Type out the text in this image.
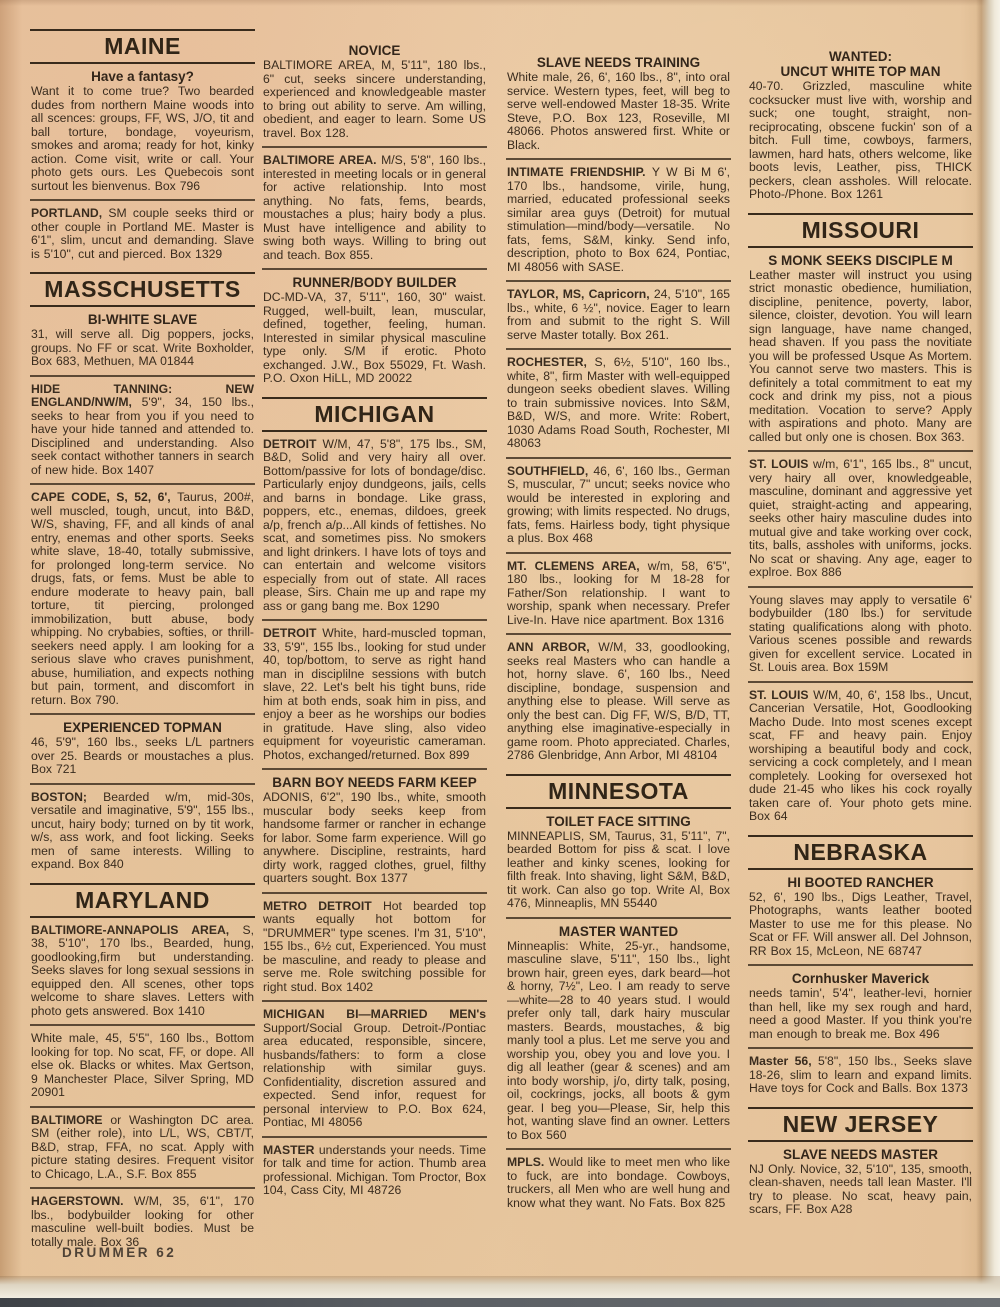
MAINE
Have a fantasy?

Want it to come true? Two bearded dudes from northern Maine woods into all scences: groups, FF, WS, J/O, tit and ball torture, bondage, voyeurism, smokes and aroma; ready for hot, kinky action. Come visit, write or call. Your photo gets ours. Les Quebecois sont surtout les bienvenus. Box 796

PORTLAND, SM couple seeks third or other couple in Portland ME. Master is 6'1", slim, uncut and demanding. Slave is 5'10", cut and pierced. Box 1329

MASSCHUSETTS
BI-WHITE SLAVE

31, will serve all. Dig poppers, jocks, groups. No FF or scat. Write Boxholder, Box 683, Methuen, MA 01844

HIDE TANNING: NEW ENGLAND/NW/M, 5'9", 34, 150 lbs., seeks to hear from you if you need to have your hide tanned and attended to. Disciplined and understanding. Also seek contact withother tanners in search of new hide. Box 1407

CAPE CODE, S, 52, 6', Taurus, 200#, well muscled, tough, uncut, into B&D, W/S, shaving, FF, and all kinds of anal entry, enemas and other sports. Seeks white slave, 18-40, totally submissive, for prolonged long-term service. No drugs, fats, or fems. Must be able to endure moderate to heavy pain, ball torture, tit piercing, prolonged immobilization, butt abuse, body whipping. No crybabies, softies, or thrill-seekers need apply. I am looking for a serious slave who craves punishment, abuse, humiliation, and expects nothing but pain, torment, and discomfort in return. Box 790.

EXPERIENCED TOPMAN

46, 5'9", 160 lbs., seeks L/L partners over 25. Beards or moustaches a plus. Box 721

BOSTON; Bearded w/m, mid-30s, versatile and imaginative, 5'9", 155 lbs., uncut, hairy body; turned on by tit work, w/s, ass work, and foot licking. Seeks men of same interests. Willing to expand. Box 840

MARYLAND

BALTIMORE-ANNAPOLIS AREA, S, 38, 5'10", 170 lbs., Bearded, hung, goodlooking,firm but understanding. Seeks slaves for long sexual sessions in equipped den. All scenes, other tops welcome to share slaves. Letters with photo gets answered. Box 1410

White male, 45, 5'5", 160 lbs., Bottom looking for top. No scat, FF, or dope. All else ok. Blacks or whites. Max Gertson, 9 Manchester Place, Silver Spring, MD 20901

BALTIMORE or Washington DC area. SM (either role), into L/L, WS, CBT/T, B&D, strap, FFA, no scat. Apply with picture stating desires. Frequent visitor to Chicago, L.A., S.F. Box 855

HAGERSTOWN. W/M, 35, 6'1", 170 lbs., bodybuilder looking for other masculine well-built bodies. Must be totally male. Box 36

NOVICE

BALTIMORE AREA, M, 5'11", 180 lbs., 6" cut, seeks sincere understanding, experienced and knowledgeable master to bring out ability to serve. Am willing, obedient, and eager to learn. Some US travel. Box 128.

BALTIMORE AREA. M/S, 5'8", 160 lbs., interested in meeting locals or in general for active relationship. Into most anything. No fats, fems, beards, moustaches a plus; hairy body a plus. Must have intelligence and ability to swing both ways. Willing to bring out and teach. Box 855.

RUNNER/BODY BUILDER

DC-MD-VA, 37, 5'11", 160, 30" waist. Rugged, well-built, lean, muscular, defined, together, feeling, human. Interested in similar physical masculine type only. S/M if erotic. Photo exchanged. J.W., Box 55029, Ft. Wash. P.O. Oxon HiLL, MD 20022

MICHIGAN

DETROIT W/M, 47, 5'8", 175 lbs., SM, B&D, Solid and very hairy all over. Bottom/passive for lots of bondage/disc. Particularly enjoy dundgeons, jails, cells and barns in bondage. Like grass, poppers, etc., enemas, dildoes, greek a/p, french a/p...All kinds of fettishes. No scat, and sometimes piss. No smokers and light drinkers. I have lots of toys and can entertain and welcome visitors especially from out of state. All races please, Sirs. Chain me up and rape my ass or gang bang me. Box 1290

DETROIT White, hard-muscled topman, 33, 5'9", 155 lbs., looking for stud under 40, top/bottom, to serve as right hand man in disciplilne sessions with butch slave, 22. Let's belt his tight buns, ride him at both ends, soak him in piss, and enjoy a beer as he worships our bodies in gratitude. Have sling, also video equipment for voyeuristic cameraman. Photos, exchanged/returned. Box 899

BARN BOY NEEDS FARM KEEP

ADONIS, 6'2", 190 lbs., white, smooth muscular body seeks keep from handsome farmer or rancher in echange for labor. Some farm experience. Will go anywhere. Discipline, restraints, hard dirty work, ragged clothes, gruel, filthy quarters sought. Box 1377

METRO DETROIT Hot bearded top wants equally hot bottom for "DRUMMER" type scenes. I'm 31, 5'10", 155 lbs., 6½ cut, Experienced. You must be masculine, and ready to please and serve me. Role switching possible for right stud. Box 1402

MICHIGAN BI—MARRIED MEN's Support/Social Group. Detroit-/Pontiac area educated, responsible, sincere, husbands/fathers: to form a close relationship with similar guys. Confidentiality, discretion assured and expected. Send infor, request for personal interview to P.O. Box 624, Pontiac, MI 48056

MASTER understands your needs. Time for talk and time for action. Thumb area professional. Michigan. Tom Proctor, Box 104, Cass City, MI 48726

SLAVE NEEDS TRAINING

White male, 26, 6', 160 lbs., 8", into oral service. Western types, feet, will beg to serve well-endowed Master 18-35. Write Steve, P.O. Box 123, Roseville, MI 48066. Photos answered first. White or Black.

INTIMATE FRIENDSHIP. Y W Bi M 6', 170 lbs., handsome, virile, hung, married, educated professional seeks similar area guys (Detroit) for mutual stimulation—mind/body—versatile. No fats, fems, S&M, kinky. Send info, description, photo to Box 624, Pontiac, MI 48056 with SASE.

TAYLOR, MS, Capricorn, 24, 5'10", 165 lbs., white, 6 ½", novice. Eager to learn from and submit to the right S. Will serve Master totally. Box 261.

ROCHESTER, S, 6½, 5'10", 160 lbs., white, 8", firm Master with well-equipped dungeon seeks obedient slaves. Willing to train submissive novices. Into S&M, B&D, W/S, and more. Write: Robert, 1030 Adams Road South, Rochester, MI 48063

SOUTHFIELD, 46, 6', 160 lbs., German S, muscular, 7" uncut; seeks novice who would be interested in exploring and growing; with limits respected. No drugs, fats, fems. Hairless body, tight physique a plus. Box 468

MT. CLEMENS AREA, w/m, 58, 6'5", 180 lbs., looking for M 18-28 for Father/Son relationship. I want to worship, spank when necessary. Prefer Live-In. Have nice apartment. Box 1316

ANN ARBOR, W/M, 33, goodlooking, seeks real Masters who can handle a hot, horny slave. 6', 160 lbs., Need discipline, bondage, suspension and anything else to please. Will serve as only the best can. Dig FF, W/S, B/D, TT, anything else imaginative-especially in game room. Photo appreciated. Charles, 2786 Glenbridge, Ann Arbor, MI 48104

MINNESOTA
TOILET FACE SITTING

MINNEAPLIS, SM, Taurus, 31, 5'11", 7", bearded Bottom for piss & scat. I love leather and kinky scenes, looking for filth freak. Into shaving, light S&M, B&D, tit work. Can also go top. Write Al, Box 476, Minneaplis, MN 55440

MASTER WANTED

Minneaplis: White, 25-yr., handsome, masculine slave, 5'11", 150 lbs., light brown hair, green eyes, dark beard—hot & horny, 7½", Leo. I am ready to serve—white—28 to 40 years stud. I would prefer only tall, dark hairy muscular masters. Beards, moustaches, & big manly tool a plus. Let me serve you and worship you, obey you and love you. I dig all leather (gear & scenes) and am into body worship, j/o, dirty talk, posing, oil, cockrings, jocks, all boots & gym gear. I beg you—Please, Sir, help this hot, wanting slave find an owner. Letters to Box 560

MPLS. Would like to meet men who like to fuck, are into bondage. Cowboys, truckers, all Men who are well hung and know what they want. No Fats. Box 825

WANTED:
UNCUT WHITE TOP MAN

40-70. Grizzled, masculine white cocksucker must live with, worship and suck; one tought, straight, non-reciprocating, obscene fuckin' son of a bitch. Full time, cowboys, farmers, lawmen, hard hats, others welcome, like boots levis, Leather, piss, THICK peckers, clean assholes. Will relocate. Photo-/Phone. Box 1261

MISSOURI
S MONK SEEKS DISCIPLE M

Leather master will instruct you using strict monastic obedience, humiliation, discipline, penitence, poverty, labor, silence, cloister, devotion. You will learn sign language, have name changed, head shaven. If you pass the novitiate you will be professed Usque As Mortem. You cannot serve two masters. This is definitely a total commitment to eat my cock and drink my piss, not a pious meditation. Vocation to serve? Apply with aspirations and photo. Many are called but only one is chosen. Box 363.

ST. LOUIS w/m, 6'1", 165 lbs., 8" uncut, very hairy all over, knowledgeable, masculine, dominant and aggressive yet quiet, straight-acting and appearing, seeks other hairy masculine dudes into mutual give and take working over cock, tits, balls, assholes with uniforms, jocks. No scat or shaving. Any age, eager to explroe. Box 886

Young slaves may apply to versatile 6' bodybuilder (180 lbs.) for servitude stating qualifications along with photo. Various scenes possible and rewards given for excellent service. Located in St. Louis area. Box 159M

ST. LOUIS W/M, 40, 6', 158 lbs., Uncut, Cancerian Versatile, Hot, Goodlooking Macho Dude. Into most scenes except scat, FF and heavy pain. Enjoy worshiping a beautiful body and cock, servicing a cock completely, and I mean completely. Looking for oversexed hot dude 21-45 who likes his cock royally taken care of. Your photo gets mine. Box 64

NEBRASKA
HI BOOTED RANCHER

52, 6', 190 lbs., Digs Leather, Travel, Photographs, wants leather booted Master to use me for this please. No Scat or FF. Will answer all. Del Johnson, RR Box 15, McLeon, NE 68747

Cornhusker Maverick

needs tamin', 5'4", leather-levi, hornier than hell, like my sex rough and hard, need a good Master. If you think you're man enough to break me. Box 496

Master 56, 5'8", 150 lbs., Seeks slave 18-26, slim to learn and expand limits. Have toys for Cock and Balls. Box 1373

NEW JERSEY
SLAVE NEEDS MASTER

NJ Only. Novice, 32, 5'10", 135, smooth, clean-shaven, needs tall lean Master. I'll try to please. No scat, heavy pain, scars, FF. Box A28

DRUMMER 62
